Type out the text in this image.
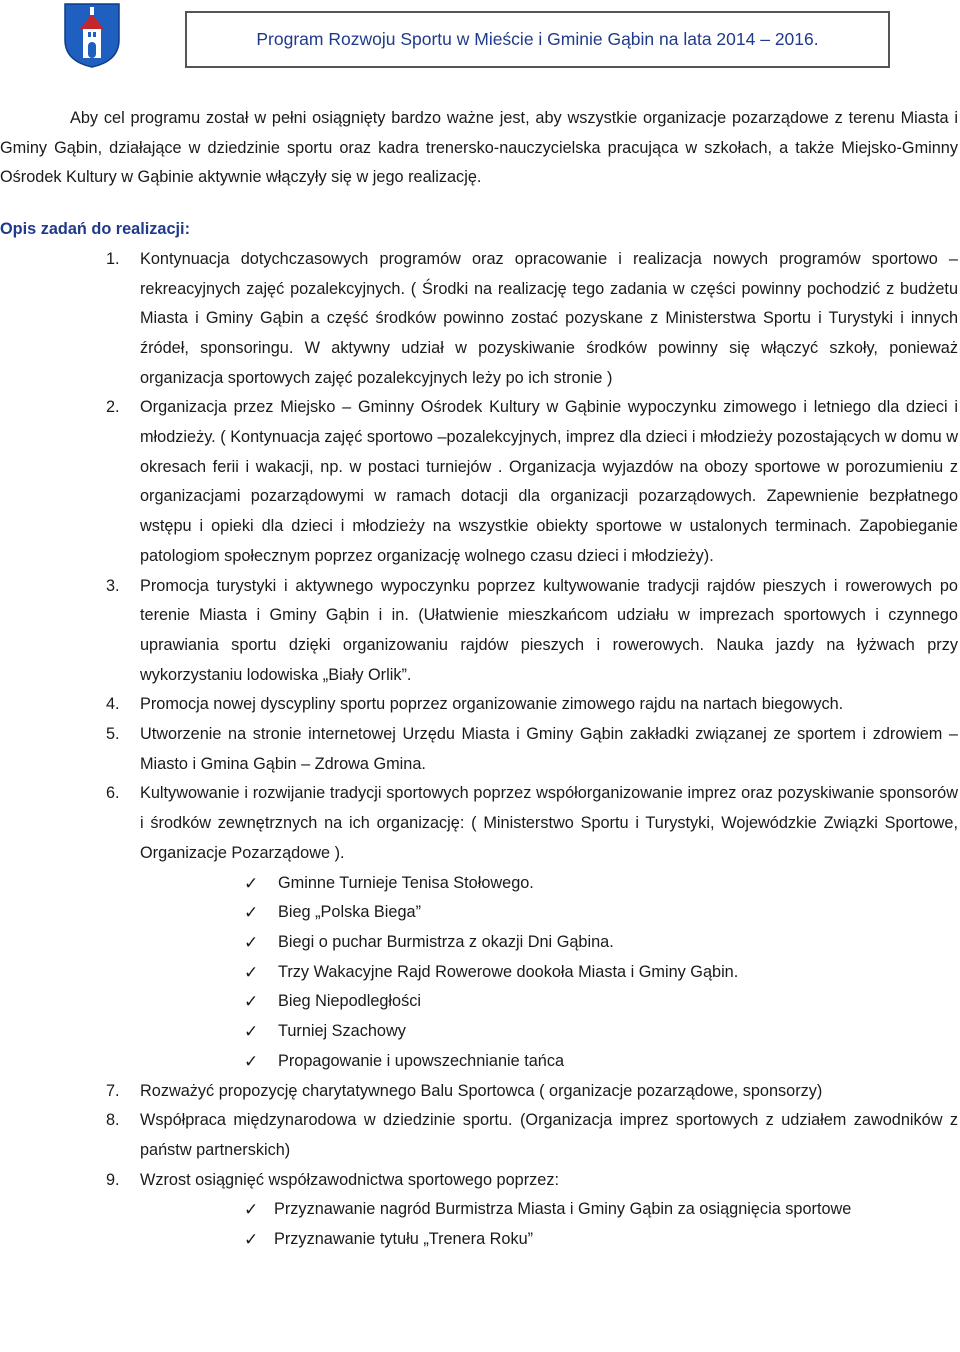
Program Rozwoju Sportu w Mieście i Gminie Gąbin na lata 2014 – 2016.

Aby cel programu został w pełni osiągnięty bardzo ważne jest, aby wszystkie organizacje pozarządowe z terenu Miasta i Gminy Gąbin, działające w dziedzinie sportu oraz kadra trenersko-nauczycielska pracująca w szkołach, a także Miejsko-Gminny Ośrodek Kultury w Gąbinie aktywnie włączyły się w jego realizację.

Opis zadań do realizacji:
1. Kontynuacja dotychczasowych programów oraz opracowanie i realizacja nowych programów sportowo – rekreacyjnych zajęć pozalekcyjnych. ( Środki na realizację tego zadania w części powinny pochodzić z budżetu Miasta i Gminy Gąbin a część środków powinno zostać pozyskane z Ministerstwa Sportu i Turystyki i innych źródeł, sponsoringu. W aktywny udział w pozyskiwanie środków powinny się włączyć szkoły, ponieważ organizacja sportowych zajęć pozalekcyjnych leży po ich stronie )
2. Organizacja przez Miejsko – Gminny Ośrodek Kultury w Gąbinie wypoczynku zimowego i letniego dla dzieci i młodzieży. ( Kontynuacja zajęć sportowo –pozalekcyjnych, imprez dla dzieci i młodzieży pozostających w domu w okresach ferii i wakacji, np. w postaci turniejów . Organizacja wyjazdów na obozy sportowe w porozumieniu z organizacjami pozarządowymi w ramach dotacji dla organizacji pozarządowych. Zapewnienie bezpłatnego wstępu i opieki dla dzieci i młodzieży na wszystkie obiekty sportowe w ustalonych terminach. Zapobieganie patologiom społecznym poprzez organizację wolnego czasu dzieci i młodzieży).
3. Promocja turystyki i aktywnego wypoczynku poprzez kultywowanie tradycji rajdów pieszych i rowerowych po terenie Miasta i Gminy Gąbin i in. (Ułatwienie mieszkańcom udziału w imprezach sportowych i czynnego uprawiania sportu dzięki organizowaniu rajdów pieszych i rowerowych. Nauka jazdy na łyżwach przy wykorzystaniu lodowiska „Biały Orlik”.
4. Promocja nowej dyscypliny sportu poprzez organizowanie zimowego rajdu na nartach biegowych.
5. Utworzenie na stronie internetowej Urzędu Miasta i Gminy Gąbin zakładki związanej ze sportem i zdrowiem – Miasto i Gmina Gąbin – Zdrowa Gmina.
6. Kultywowanie i rozwijanie tradycji sportowych poprzez współorganizowanie imprez oraz pozyskiwanie sponsorów i środków zewnętrznych na ich organizację: ( Ministerstwo Sportu i Turystyki, Wojewódzkie Związki Sportowe, Organizacje Pozarządowe ).
✓ Gminne Turnieje Tenisa Stołowego.
✓ Bieg „Polska Biega”
✓ Biegi o puchar Burmistrza z okazji Dni Gąbina.
✓ Trzy Wakacyjne Rajd Rowerowe dookoła Miasta i Gminy Gąbin.
✓ Bieg Niepodległości
✓ Turniej Szachowy
✓ Propagowanie i upowszechnianie tańca
7. Rozważyć propozycję charytatywnego Balu Sportowca ( organizacje pozarządowe, sponsorzy)
8. Współpraca międzynarodowa w dziedzinie sportu. (Organizacja imprez sportowych z udziałem zawodników z państw partnerskich)
9. Wzrost osiągnięć współzawodnictwa sportowego poprzez:
✓ Przyznawanie nagród Burmistrza Miasta i Gminy Gąbin za osiągnięcia sportowe
✓ Przyznawanie tytułu „Trenera Roku”
